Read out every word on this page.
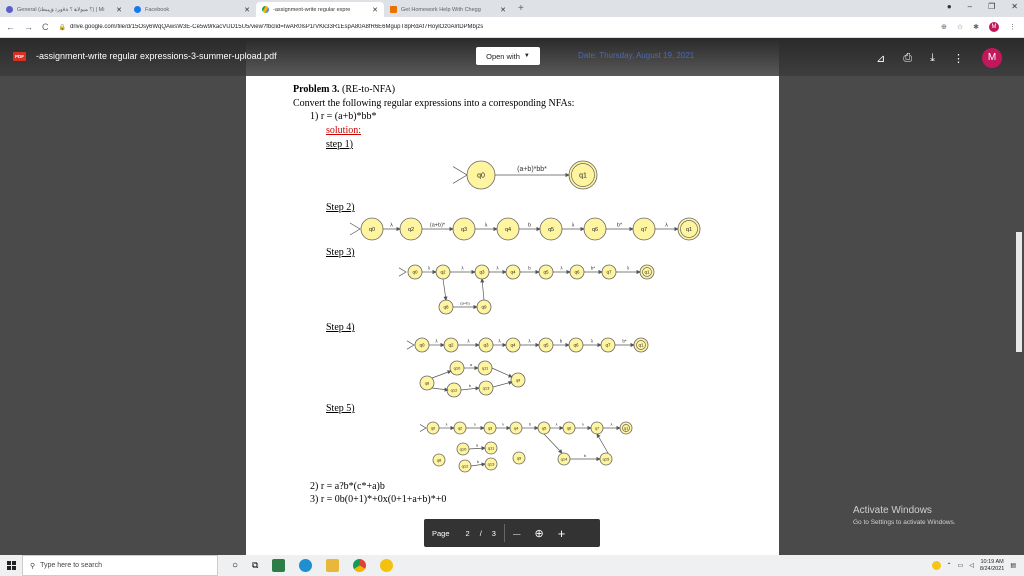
General (؟ ﻤﻴﻮﻟﺎﻫ ؟ ﺔﻗوﺮﺗ ﻖﻴﺒﻄﺗ) | Mi	✕	Facebook	✕	-assignment-write regular expre	✕	Get Homework Help With Chegg	✕	+	● – ❐ ✕
← → C 🔒 drive.google.com/file/d/15Osy6WqQAwsW3E-Ce5w9rkacVUD15U5/view?fbclid=IwAR0lsP1rVKk33R1EspA80A8fR6E6MgupT8pRdAf7HoylOz0AlrlDPMbjzs	⊕ ☆ ✱	M	⋮
Problem 3. (RE-to-NFA)
Convert the following regular expressions into a corresponding NFAs:
1) r = (a+b)*bb*
solution:
step 1)
Step 2)
Step 3)
Step 4)
Step 5)
2) r = a?b*(c*+a)b
3) r = 0b(0+1)*+0x(0+1+a+b)*+0
q0	q1
(a+b)*bb*
q0	q2	q3	q4	q5	q6	q7	q1
λ	(a+b)*	λ	b	λ	b*	λ
q0	q2	q3	q4	q5	q6	q7	q1
λ	λ	λ	b	λ	b*	λ
q8	q9
(a+b)
q0	q2	q3	q4	q5	q6	q7	q1
λ	λ	λ	λ	b	λ	b*
q10	q11
q8
q12	q13
q9
a
b
q0	q2	q3	q4	q5	q6	q7	q1
λ	λ	λ	b	λ	λ	λ
q10	q11
q8
q12	q13
q9	q14	q15
a
b
b
PDF -assignment-write regular expressions-3-summer-upload.pdf	Open with ▼	Date: Thursday, August 19, 2021	⊿ ⎙ ⤓ ⋮	M
Page 2 / 3 — ⊕ +
Activate Windows
Go to Settings to activate Windows.
⚲ Type here to search	○ ⧉	⌃ ▭ ◁
10:19 AM
8/24/2021 ▤
